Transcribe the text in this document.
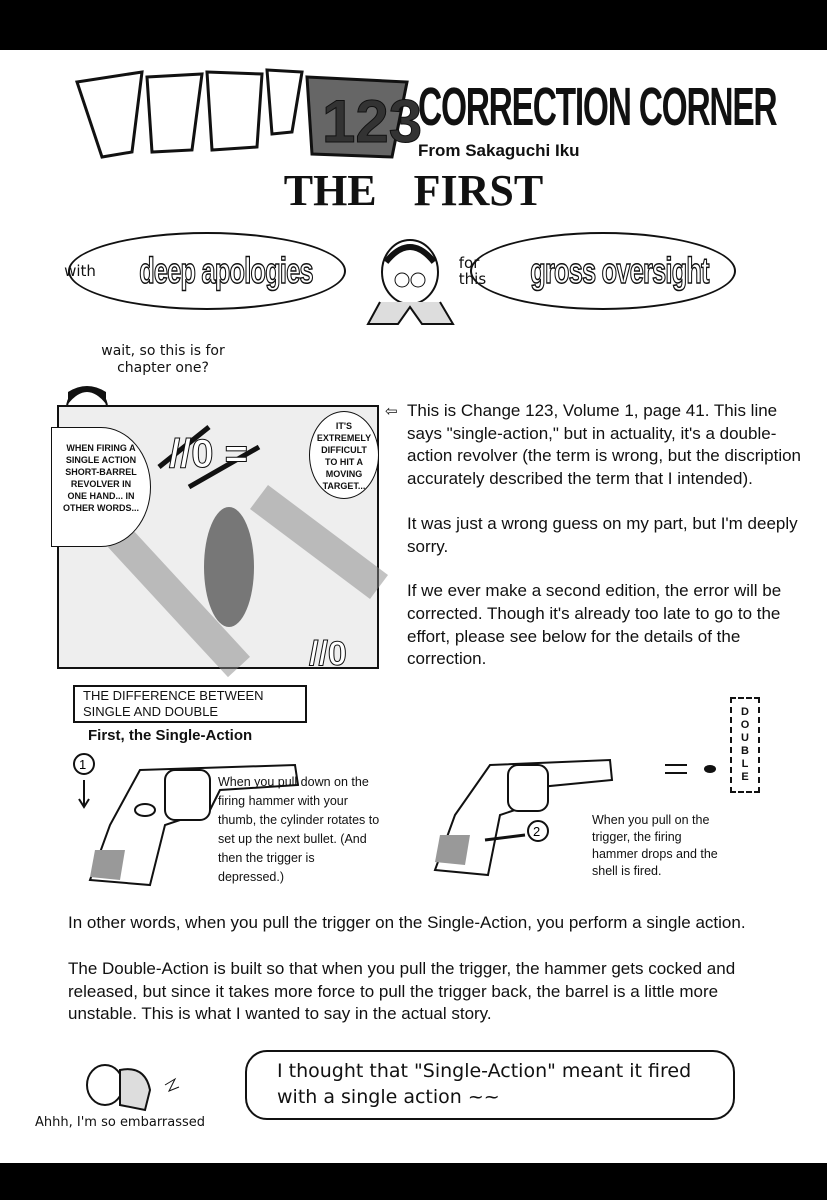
123
CORRECTION CORNER
From Sakaguchi Iku
THE FIRST
with deep apologies	for this gross oversight
wait, so this is for chapter one?
//0
//0 =
WHEN FIRING A SINGLE ACTION SHORT-BARREL REVOLVER IN ONE HAND... IN OTHER WORDS...
IT'S EXTREMELY DIFFICULT TO HIT A MOVING TARGET...
⇦ This is Change 123, Volume 1, page 41. This line says "single-action," but in actuality, it's a double-action revolver (the term is wrong, but the discription accurately described the term that I intended).

It was just a wrong guess on my part, but I'm deeply sorry.

If we ever make a second edition, the error will be corrected. Though it's already too late to go to the effort, please see below for the details of the correction.

THE DIFFERENCE BETWEEN SINGLE AND DOUBLE
First, the Single-Action
1
When you pull down on the firing hammer with your thumb, the cylinder rotates to set up the next bullet. (And then the trigger is depressed.)
2
DOUBLE
When you pull on the trigger, the firing hammer drops and the shell is fired.
In other words, when you pull the trigger on the Single-Action, you perform a single action.
The Double-Action is built so that when you pull the trigger, the hammer gets cocked and released, but since it takes more force to pull the trigger back, the barrel is a little more unstable. This is what I wanted to say in the actual story.
Ahhh, I'm so embarrassed
I thought that "Single-Action" meant it fired with a single action ~~
